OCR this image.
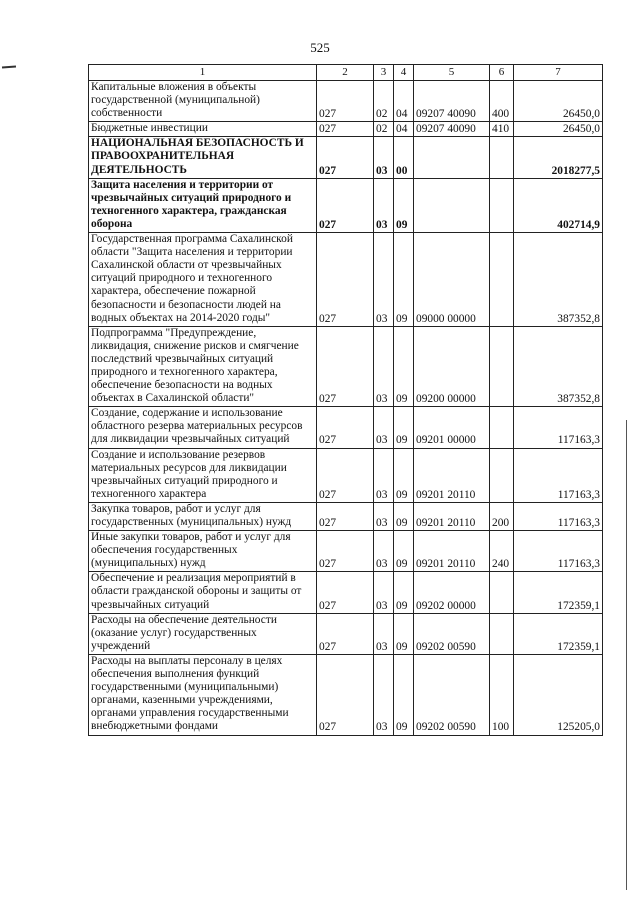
525
1	2	3	4	5	6	7
Капитальные вложения в объекты государственной (муниципальной) собственности	027	02	04	09207 40090	400	26450,0
Бюджетные инвестиции	027	02	04	09207 40090	410	26450,0
НАЦИОНАЛЬНАЯ БЕЗОПАСНОСТЬ И ПРАВООХРАНИТЕЛЬНАЯ ДЕЯТЕЛЬНОСТЬ	027	03	00			2018277,5
Защита населения и территории от чрезвычайных ситуаций природного и техногенного характера, гражданская оборона	027	03	09			402714,9
Государственная программа Сахалинской области "Защита населения и территории Сахалинской области от чрезвычайных ситуаций природного и техногенного характера, обеспечение пожарной безопасности и безопасности людей на водных объектах на 2014-2020 годы"	027	03	09	09000 00000		387352,8
Подпрограмма "Предупреждение, ликвидация, снижение рисков и смягчение последствий чрезвычайных ситуаций природного и техногенного характера, обеспечение безопасности на водных объектах в Сахалинской области"	027	03	09	09200 00000		387352,8
Создание, содержание и использование областного резерва материальных ресурсов для ликвидации чрезвычайных ситуаций	027	03	09	09201 00000		117163,3
Создание и использование резервов материальных ресурсов для ликвидации чрезвычайных ситуаций природного и техногенного характера	027	03	09	09201 20110		117163,3
Закупка товаров, работ и услуг для государственных (муниципальных) нужд	027	03	09	09201 20110	200	117163,3
Иные закупки товаров, работ и услуг для обеспечения государственных (муниципальных) нужд	027	03	09	09201 20110	240	117163,3
Обеспечение и реализация мероприятий в области гражданской обороны и защиты от чрезвычайных ситуаций	027	03	09	09202 00000		172359,1
Расходы на обеспечение деятельности (оказание услуг) государственных учреждений	027	03	09	09202 00590		172359,1
Расходы на выплаты персоналу в целях обеспечения выполнения функций государственными (муниципальными) органами, казенными учреждениями, органами управления государственными внебюджетными фондами	027	03	09	09202 00590	100	125205,0
